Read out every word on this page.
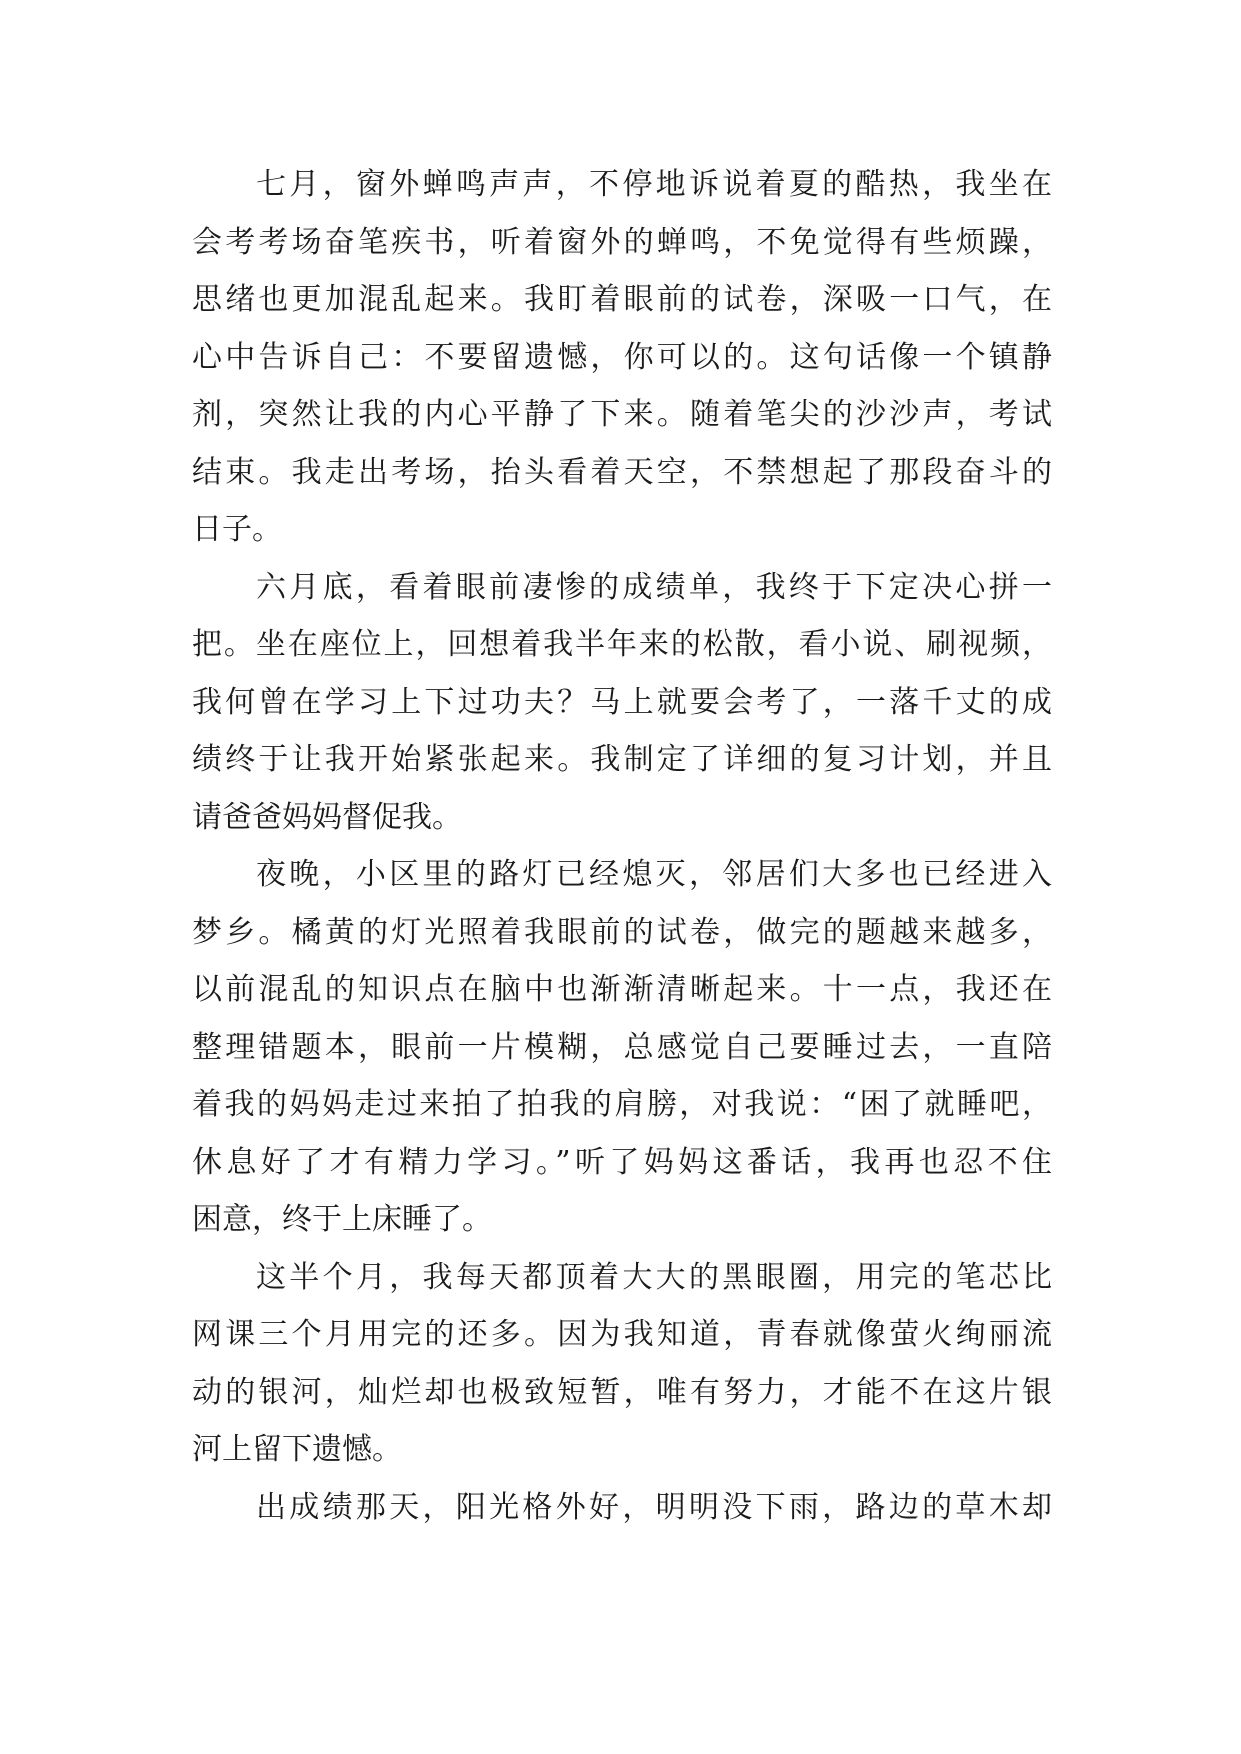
七月，窗外蝉鸣声声，不停地诉说着夏的酷热，我坐在
会考考场奋笔疾书，听着窗外的蝉鸣，不免觉得有些烦躁，
思绪也更加混乱起来。我盯着眼前的试卷，深吸一口气，在
心中告诉自己：不要留遗憾，你可以的。这句话像一个镇静
剂，突然让我的内心平静了下来。随着笔尖的沙沙声，考试
结束。我走出考场，抬头看着天空，不禁想起了那段奋斗的
日子。
六月底，看着眼前凄惨的成绩单，我终于下定决心拼一
把。坐在座位上，回想着我半年来的松散，看小说、刷视频，
我何曾在学习上下过功夫？马上就要会考了，一落千丈的成
绩终于让我开始紧张起来。我制定了详细的复习计划，并且
请爸爸妈妈督促我。
夜晚，小区里的路灯已经熄灭，邻居们大多也已经进入
梦乡。橘黄的灯光照着我眼前的试卷，做完的题越来越多，
以前混乱的知识点在脑中也渐渐清晰起来。十一点，我还在
整理错题本，眼前一片模糊，总感觉自己要睡过去，一直陪
着我的妈妈走过来拍了拍我的肩膀，对我说：“困了就睡吧，
休息好了才有精力学习。”听了妈妈这番话，我再也忍不住
困意，终于上床睡了。
这半个月，我每天都顶着大大的黑眼圈，用完的笔芯比
网课三个月用完的还多。因为我知道，青春就像萤火绚丽流
动的银河，灿烂却也极致短暂，唯有努力，才能不在这片银
河上留下遗憾。
出成绩那天，阳光格外好，明明没下雨，路边的草木却
